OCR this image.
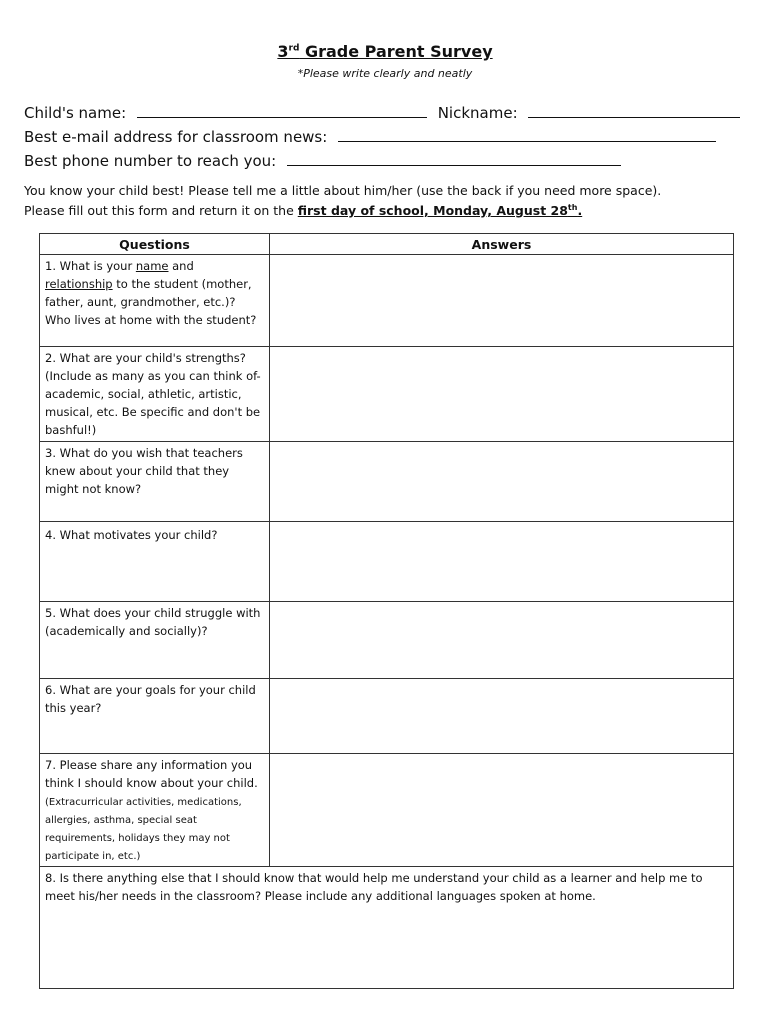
3rd Grade Parent Survey
*Please write clearly and neatly
Child's name:	Nickname:
Best e-mail address for classroom news:
Best phone number to reach you:
You know your child best! Please tell me a little about him/her (use the back if you need more space).
Please fill out this form and return it on the first day of school, Monday, August 28th.
Questions	Answers
1. What is your name and relationship to the student (mother, father, aunt, grandmother, etc.)? Who lives at home with the student?	
2. What are your child's strengths? (Include as many as you can think of-academic, social, athletic, artistic, musical, etc. Be specific and don't be bashful!)	
3. What do you wish that teachers knew about your child that they might not know?	
4. What motivates your child?	
5. What does your child struggle with (academically and socially)?	
6. What are your goals for your child this year?	
7. Please share any information you think I should know about your child. (Extracurricular activities, medications, allergies, asthma, special seat requirements, holidays they may not participate in, etc.)	
8. Is there anything else that I should know that would help me understand your child as a learner and help me to meet his/her needs in the classroom? Please include any additional languages spoken at home.	
